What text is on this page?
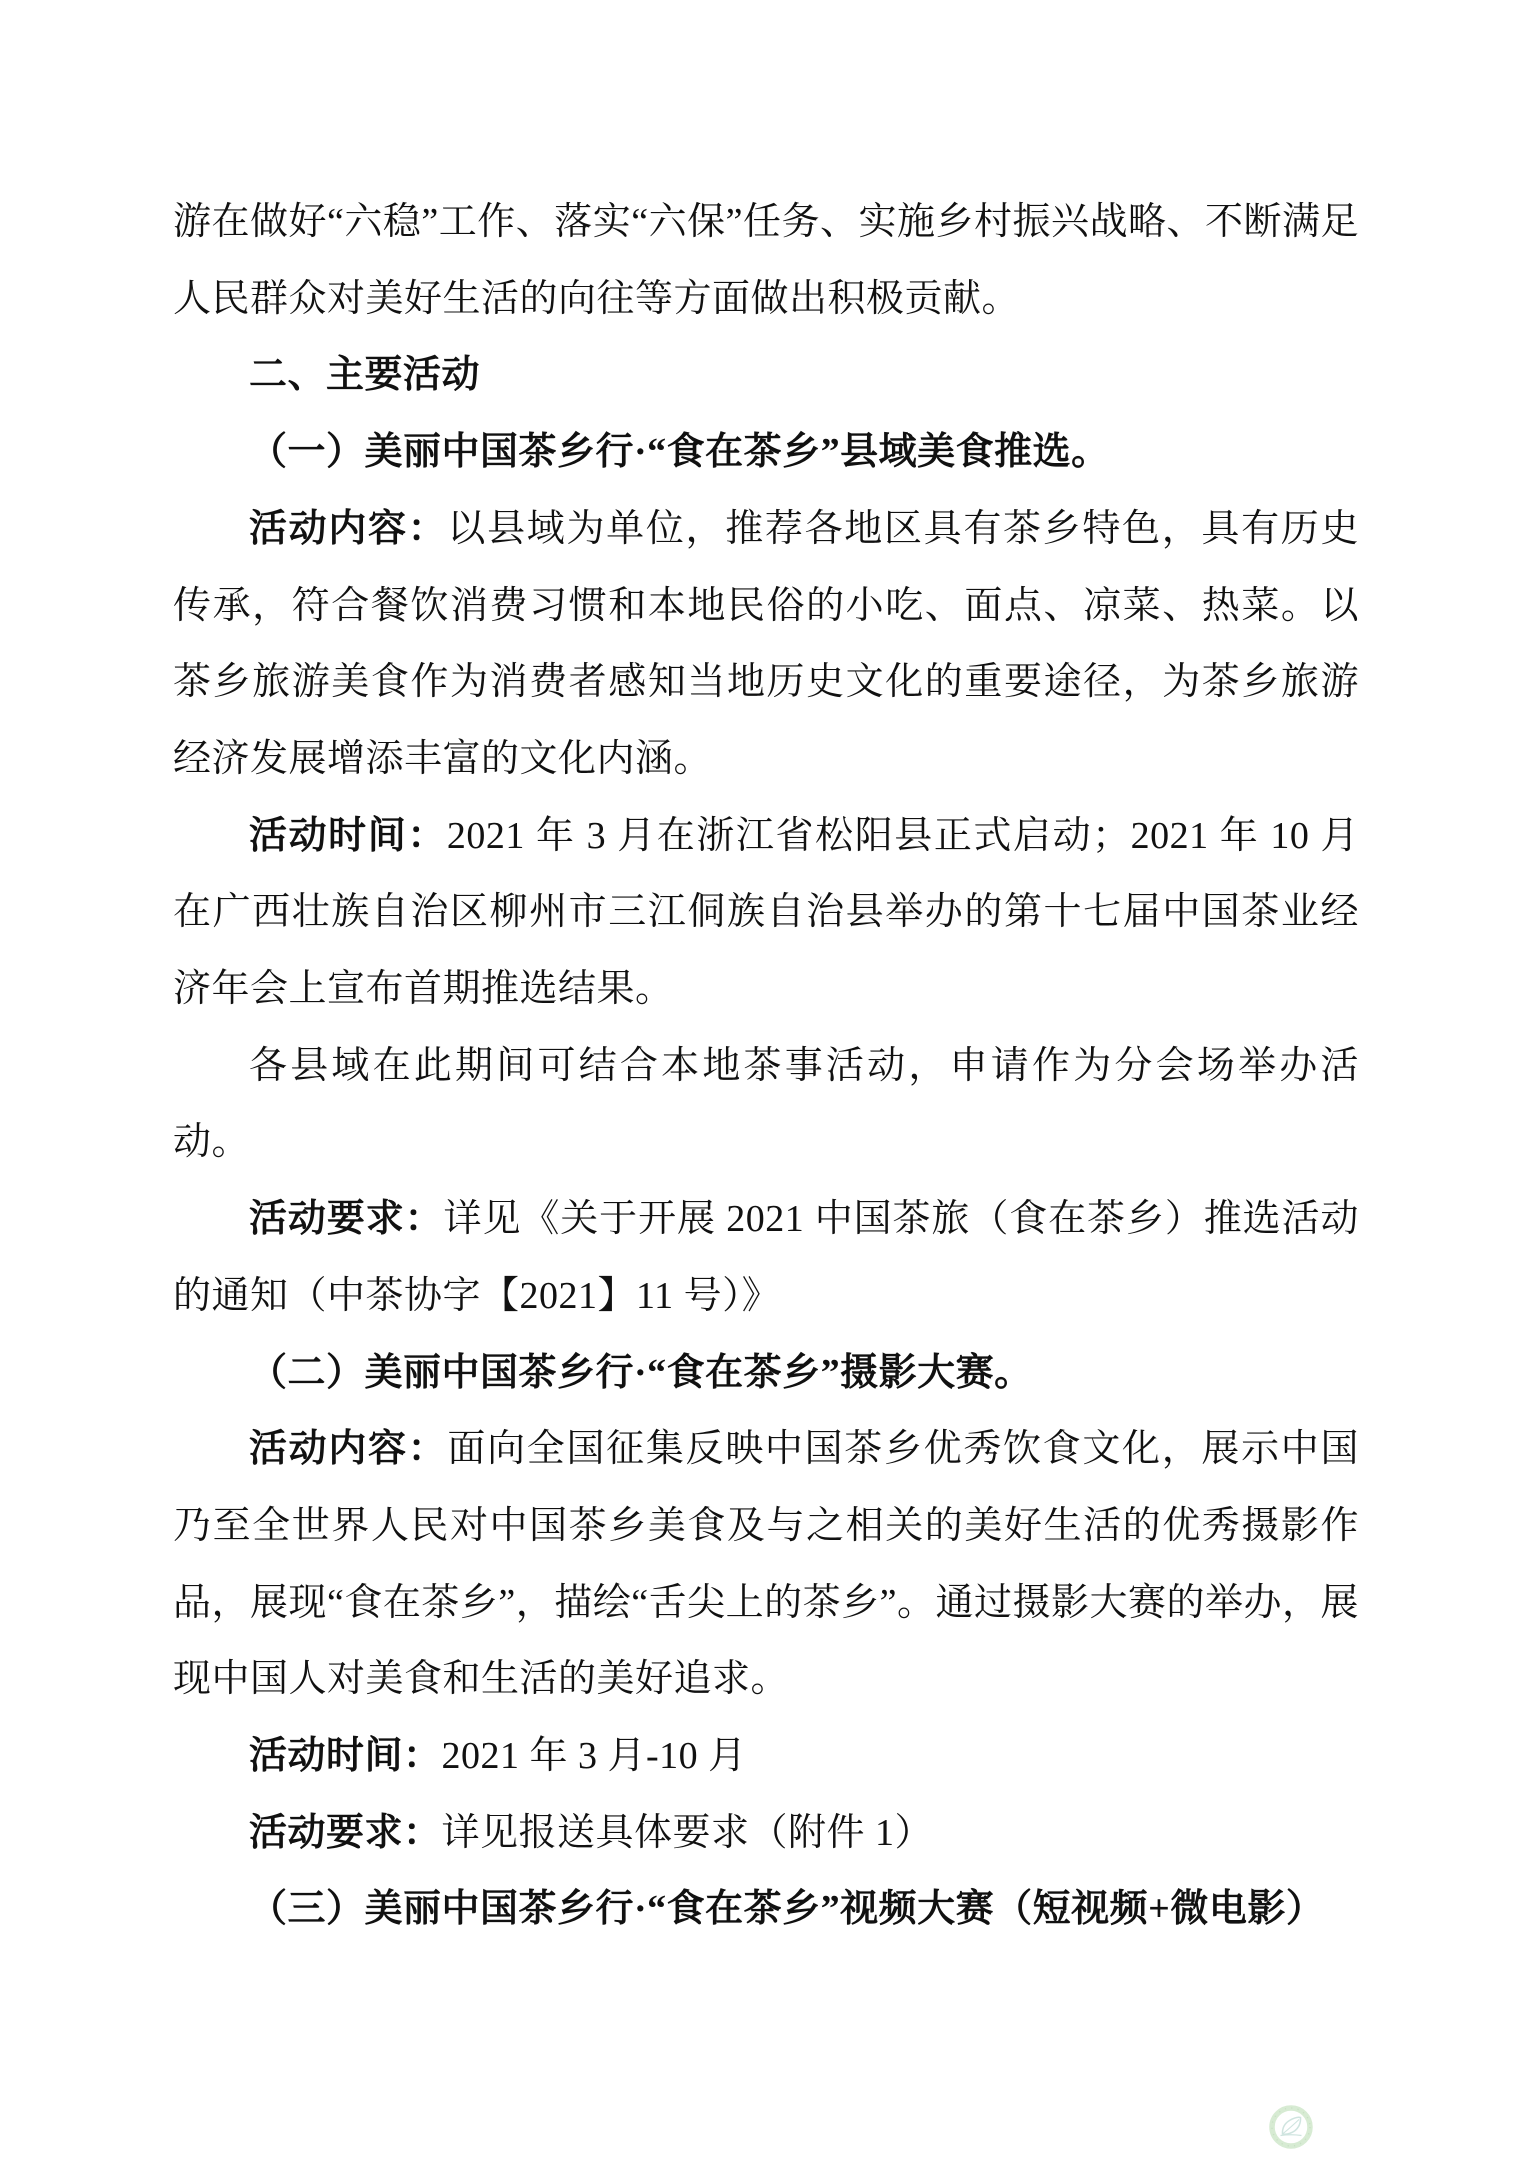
游在做好“六稳”工作、落实“六保”任务、实施乡村振兴战略、不断满足人民群众对美好生活的向往等方面做出积极贡献。

二、主要活动

（一）美丽中国茶乡行·“食在茶乡”县域美食推选。

活动内容：以县域为单位，推荐各地区具有茶乡特色，具有历史传承，符合餐饮消费习惯和本地民俗的小吃、面点、凉菜、热菜。以茶乡旅游美食作为消费者感知当地历史文化的重要途径，为茶乡旅游经济发展增添丰富的文化内涵。

活动时间：2021 年 3 月在浙江省松阳县正式启动；2021 年 10 月在广西壮族自治区柳州市三江侗族自治县举办的第十七届中国茶业经济年会上宣布首期推选结果。

各县域在此期间可结合本地茶事活动，申请作为分会场举办活动。

活动要求：详见《关于开展 2021 中国茶旅（食在茶乡）推选活动的通知（中茶协字【2021】11 号）》

（二）美丽中国茶乡行·“食在茶乡”摄影大赛。

活动内容：面向全国征集反映中国茶乡优秀饮食文化，展示中国乃至全世界人民对中国茶乡美食及与之相关的美好生活的优秀摄影作品，展现“食在茶乡”，描绘“舌尖上的茶乡”。通过摄影大赛的举办，展现中国人对美食和生活的美好追求。

活动时间：2021 年 3 月-10 月

活动要求：详见报送具体要求（附件 1）

（三）美丽中国茶乡行·“食在茶乡”视频大赛（短视频+微电影）
